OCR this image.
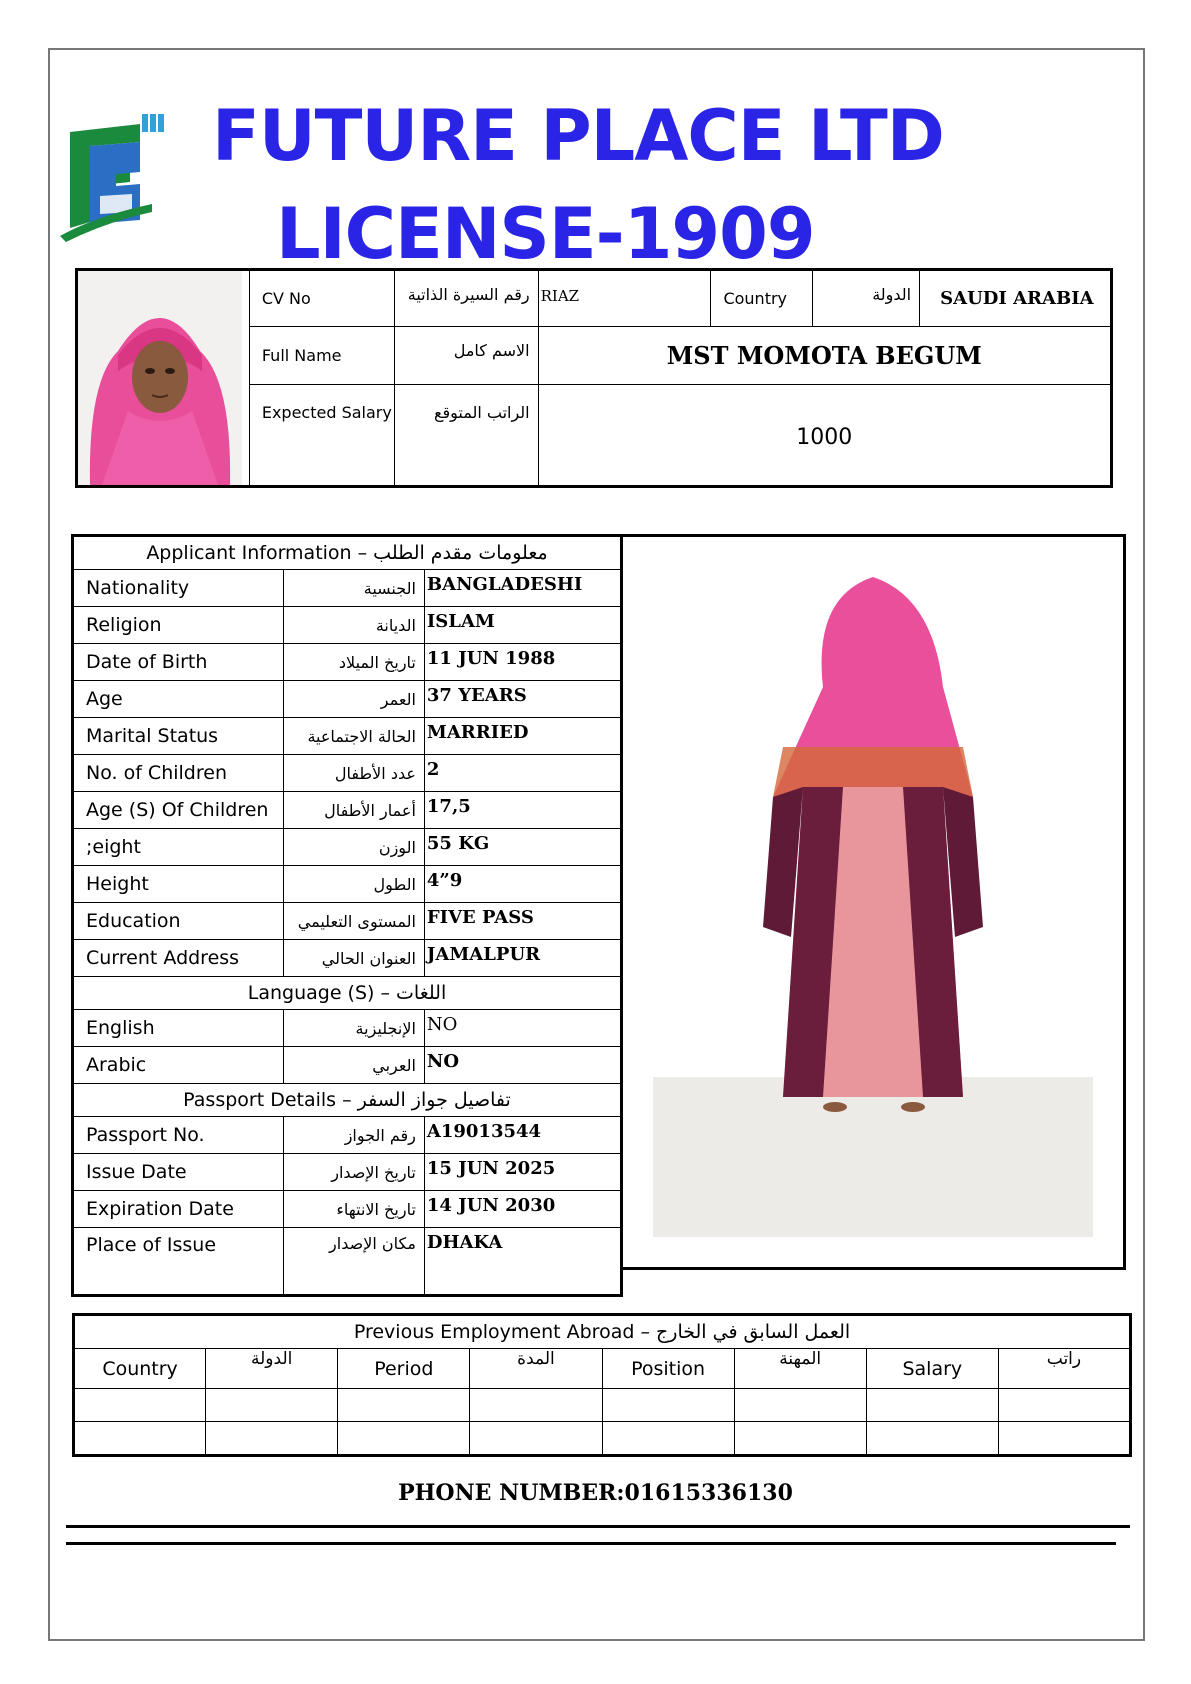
FUTURE PLACE LTD
LICENSE-1909
	CV No	رقم السيرة الذاتية	RIAZ	Country	الدولة	SAUDI ARABIA
	Full Name	الاسم كامل	MST MOMOTA BEGUM			
	Expected Salary	الراتب المتوقع	1000			
Applicant Information – معلومات مقدم الطلب		
Nationality	الجنسية	BANGLADESHI
Religion	الديانة	ISLAM
Date of Birth	تاريخ الميلاد	11 JUN 1988
Age	العمر	37 YEARS
Marital Status	الحالة الاجتماعية	MARRIED
No. of Children	عدد الأطفال	2
Age (S) Of Children	أعمار الأطفال	17,5
;eight	الوزن	55 KG
Height	الطول	4”9
Education	المستوى التعليمي	FIVE PASS
Current Address	العنوان الحالي	JAMALPUR
Language (S) – اللغات		
English	الإنجليزية	NO
Arabic	العربي	NO
Passport Details – تفاصيل جواز السفر		
Passport No.	رقم الجواز	A19013544
Issue Date	تاريخ الإصدار	15 JUN 2025
Expiration Date	تاريخ الانتهاء	14 JUN 2030
Place of Issue	مكان الإصدار	DHAKA
Previous Employment Abroad – العمل السابق في الخارج							
Country	الدولة	Period	المدة	Position	المهنة	Salary	راتب

PHONE NUMBER:01615336130
